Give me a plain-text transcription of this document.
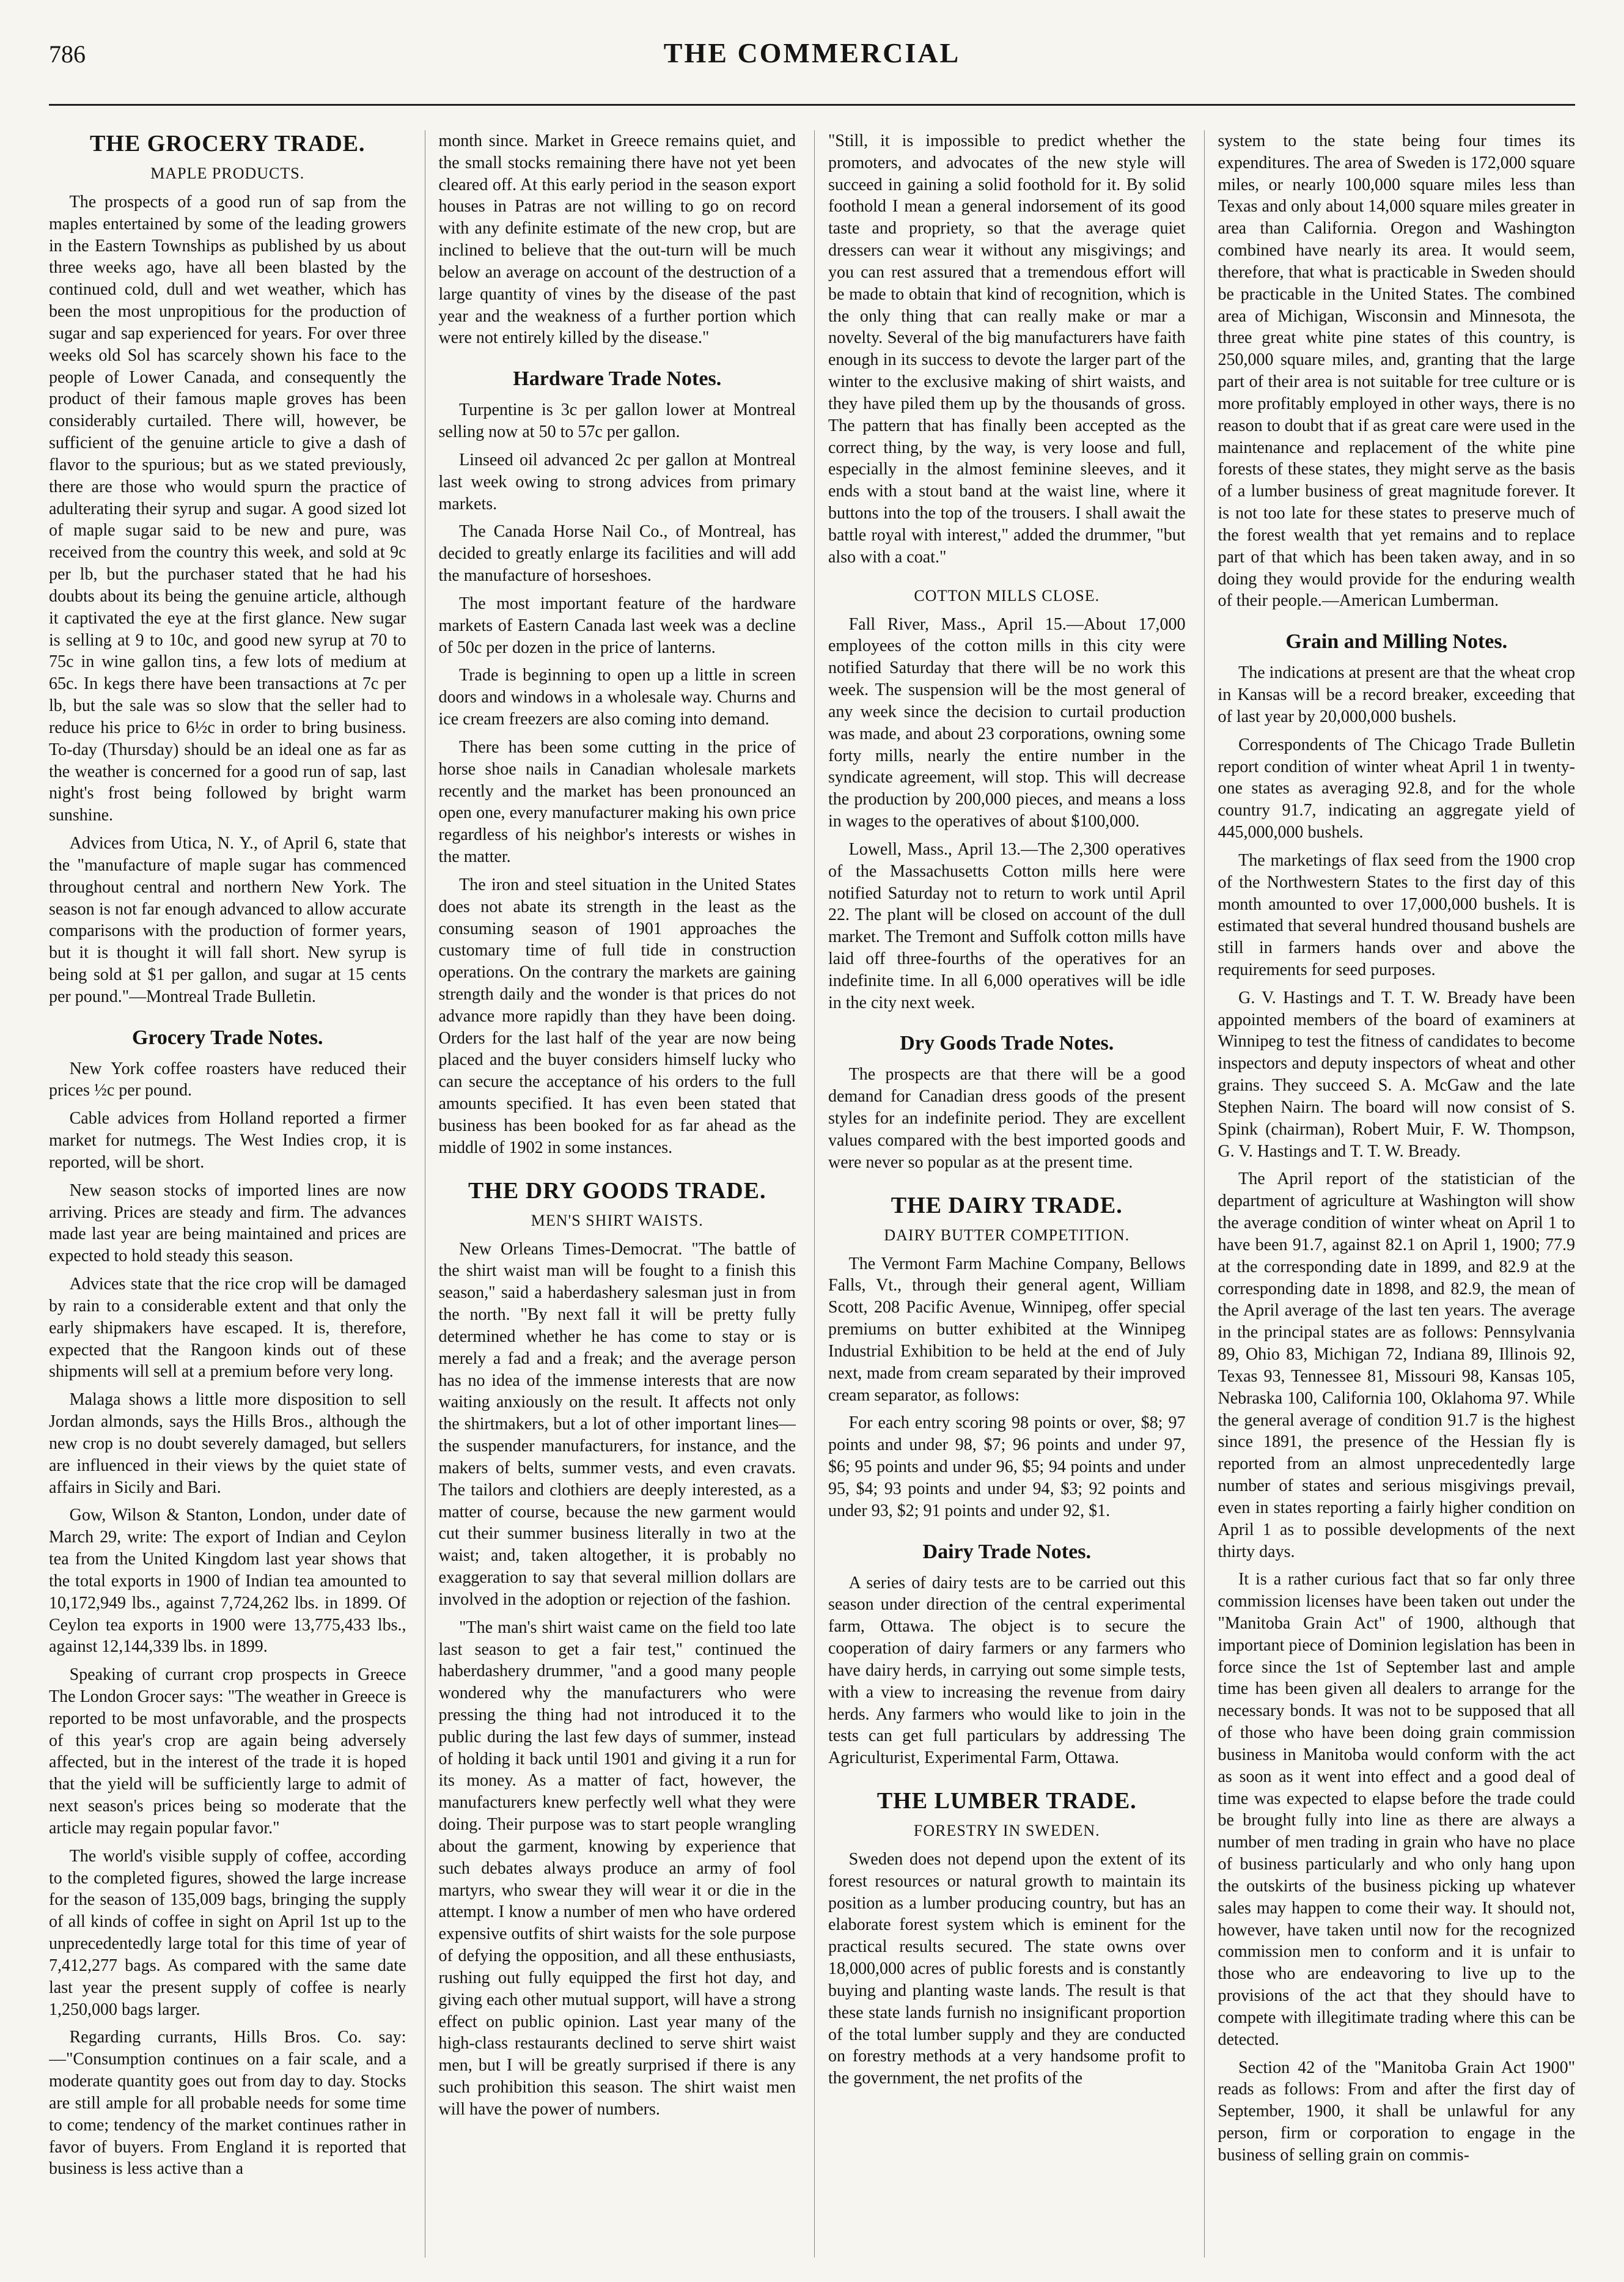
786	THE COMMERCIAL
THE GROCERY TRADE.
MAPLE PRODUCTS.

The prospects of a good run of sap from the maples entertained by some of the leading growers in the Eastern Townships as published by us about three weeks ago, have all been blasted by the continued cold, dull and wet weather, which has been the most unpropitious for the production of sugar and sap experienced for years. For over three weeks old Sol has scarcely shown his face to the people of Lower Canada, and consequently the product of their famous maple groves has been considerably curtailed. There will, however, be sufficient of the genuine article to give a dash of flavor to the spurious; but as we stated previously, there are those who would spurn the practice of adulterating their syrup and sugar. A good sized lot of maple sugar said to be new and pure, was received from the country this week, and sold at 9c per lb, but the purchaser stated that he had his doubts about its being the genuine article, although it captivated the eye at the first glance. New sugar is selling at 9 to 10c, and good new syrup at 70 to 75c in wine gallon tins, a few lots of medium at 65c. In kegs there have been transactions at 7c per lb, but the sale was so slow that the seller had to reduce his price to 6½c in order to bring business. To-day (Thursday) should be an ideal one as far as the weather is concerned for a good run of sap, last night's frost being followed by bright warm sunshine.

Advices from Utica, N. Y., of April 6, state that the "manufacture of maple sugar has commenced throughout central and northern New York. The season is not far enough advanced to allow accurate comparisons with the production of former years, but it is thought it will fall short. New syrup is being sold at $1 per gallon, and sugar at 15 cents per pound."—Montreal Trade Bulletin.

Grocery Trade Notes.

New York coffee roasters have reduced their prices ½c per pound.

Cable advices from Holland reported a firmer market for nutmegs. The West Indies crop, it is reported, will be short.

New season stocks of imported lines are now arriving. Prices are steady and firm. The advances made last year are being maintained and prices are expected to hold steady this season.

Advices state that the rice crop will be damaged by rain to a considerable extent and that only the early shipmakers have escaped. It is, therefore, expected that the Rangoon kinds out of these shipments will sell at a premium before very long.

Malaga shows a little more disposition to sell Jordan almonds, says the Hills Bros., although the new crop is no doubt severely damaged, but sellers are influenced in their views by the quiet state of affairs in Sicily and Bari.

Gow, Wilson & Stanton, London, under date of March 29, write: The export of Indian and Ceylon tea from the United Kingdom last year shows that the total exports in 1900 of Indian tea amounted to 10,172,949 lbs., against 7,724,262 lbs. in 1899. Of Ceylon tea exports in 1900 were 13,775,433 lbs., against 12,144,339 lbs. in 1899.

Speaking of currant crop prospects in Greece The London Grocer says: "The weather in Greece is reported to be most unfavorable, and the prospects of this year's crop are again being adversely affected, but in the interest of the trade it is hoped that the yield will be sufficiently large to admit of next season's prices being so moderate that the article may regain popular favor."

The world's visible supply of coffee, according to the completed figures, showed the large increase for the season of 135,009 bags, bringing the supply of all kinds of coffee in sight on April 1st up to the unprecedentedly large total for this time of year of 7,412,277 bags. As compared with the same date last year the present supply of coffee is nearly 1,250,000 bags larger.

Regarding currants, Hills Bros. Co. say:—"Consumption continues on a fair scale, and a moderate quantity goes out from day to day. Stocks are still ample for all probable needs for some time to come; tendency of the market continues rather in favor of buyers. From England it is reported that business is less active than a

month since. Market in Greece remains quiet, and the small stocks remaining there have not yet been cleared off. At this early period in the season export houses in Patras are not willing to go on record with any definite estimate of the new crop, but are inclined to believe that the out-turn will be much below an average on account of the destruction of a large quantity of vines by the disease of the past year and the weakness of a further portion which were not entirely killed by the disease."

Hardware Trade Notes.

Turpentine is 3c per gallon lower at Montreal selling now at 50 to 57c per gallon.

Linseed oil advanced 2c per gallon at Montreal last week owing to strong advices from primary markets.

The Canada Horse Nail Co., of Montreal, has decided to greatly enlarge its facilities and will add the manufacture of horseshoes.

The most important feature of the hardware markets of Eastern Canada last week was a decline of 50c per dozen in the price of lanterns.

Trade is beginning to open up a little in screen doors and windows in a wholesale way. Churns and ice cream freezers are also coming into demand.

There has been some cutting in the price of horse shoe nails in Canadian wholesale markets recently and the market has been pronounced an open one, every manufacturer making his own price regardless of his neighbor's interests or wishes in the matter.

The iron and steel situation in the United States does not abate its strength in the least as the consuming season of 1901 approaches the customary time of full tide in construction operations. On the contrary the markets are gaining strength daily and the wonder is that prices do not advance more rapidly than they have been doing. Orders for the last half of the year are now being placed and the buyer considers himself lucky who can secure the acceptance of his orders to the full amounts specified. It has even been stated that business has been booked for as far ahead as the middle of 1902 in some instances.

THE DRY GOODS TRADE.
MEN'S SHIRT WAISTS.

New Orleans Times-Democrat. "The battle of the shirt waist man will be fought to a finish this season," said a haberdashery salesman just in from the north. "By next fall it will be pretty fully determined whether he has come to stay or is merely a fad and a freak; and the average person has no idea of the immense interests that are now waiting anxiously on the result. It affects not only the shirtmakers, but a lot of other important lines—the suspender manufacturers, for instance, and the makers of belts, summer vests, and even cravats. The tailors and clothiers are deeply interested, as a matter of course, because the new garment would cut their summer business literally in two at the waist; and, taken altogether, it is probably no exaggeration to say that several million dollars are involved in the adoption or rejection of the fashion.

"The man's shirt waist came on the field too late last season to get a fair test," continued the haberdashery drummer, "and a good many people wondered why the manufacturers who were pressing the thing had not introduced it to the public during the last few days of summer, instead of holding it back until 1901 and giving it a run for its money. As a matter of fact, however, the manufacturers knew perfectly well what they were doing. Their purpose was to start people wrangling about the garment, knowing by experience that such debates always produce an army of fool martyrs, who swear they will wear it or die in the attempt. I know a number of men who have ordered expensive outfits of shirt waists for the sole purpose of defying the opposition, and all these enthusiasts, rushing out fully equipped the first hot day, and giving each other mutual support, will have a strong effect on public opinion. Last year many of the high-class restaurants declined to serve shirt waist men, but I will be greatly surprised if there is any such prohibition this season. The shirt waist men will have the power of numbers.

"Still, it is impossible to predict whether the promoters, and advocates of the new style will succeed in gaining a solid foothold for it. By solid foothold I mean a general indorsement of its good taste and propriety, so that the average quiet dressers can wear it without any misgivings; and you can rest assured that a tremendous effort will be made to obtain that kind of recognition, which is the only thing that can really make or mar a novelty. Several of the big manufacturers have faith enough in its success to devote the larger part of the winter to the exclusive making of shirt waists, and they have piled them up by the thousands of gross. The pattern that has finally been accepted as the correct thing, by the way, is very loose and full, especially in the almost feminine sleeves, and it ends with a stout band at the waist line, where it buttons into the top of the trousers. I shall await the battle royal with interest," added the drummer, "but also with a coat."

COTTON MILLS CLOSE.

Fall River, Mass., April 15.—About 17,000 employees of the cotton mills in this city were notified Saturday that there will be no work this week. The suspension will be the most general of any week since the decision to curtail production was made, and about 23 corporations, owning some forty mills, nearly the entire number in the syndicate agreement, will stop. This will decrease the production by 200,000 pieces, and means a loss in wages to the operatives of about $100,000.

Lowell, Mass., April 13.—The 2,300 operatives of the Massachusetts Cotton mills here were notified Saturday not to return to work until April 22. The plant will be closed on account of the dull market. The Tremont and Suffolk cotton mills have laid off three-fourths of the operatives for an indefinite time. In all 6,000 operatives will be idle in the city next week.

Dry Goods Trade Notes.

The prospects are that there will be a good demand for Canadian dress goods of the present styles for an indefinite period. They are excellent values compared with the best imported goods and were never so popular as at the present time.

THE DAIRY TRADE.
DAIRY BUTTER COMPETITION.

The Vermont Farm Machine Company, Bellows Falls, Vt., through their general agent, William Scott, 208 Pacific Avenue, Winnipeg, offer special premiums on butter exhibited at the Winnipeg Industrial Exhibition to be held at the end of July next, made from cream separated by their improved cream separator, as follows:

For each entry scoring 98 points or over, $8; 97 points and under 98, $7; 96 points and under 97, $6; 95 points and under 96, $5; 94 points and under 95, $4; 93 points and under 94, $3; 92 points and under 93, $2; 91 points and under 92, $1.

Dairy Trade Notes.

A series of dairy tests are to be carried out this season under direction of the central experimental farm, Ottawa. The object is to secure the cooperation of dairy farmers or any farmers who have dairy herds, in carrying out some simple tests, with a view to increasing the revenue from dairy herds. Any farmers who would like to join in the tests can get full particulars by addressing The Agriculturist, Experimental Farm, Ottawa.

THE LUMBER TRADE.
FORESTRY IN SWEDEN.

Sweden does not depend upon the extent of its forest resources or natural growth to maintain its position as a lumber producing country, but has an elaborate forest system which is eminent for the practical results secured. The state owns over 18,000,000 acres of public forests and is constantly buying and planting waste lands. The result is that these state lands furnish no insignificant proportion of the total lumber supply and they are conducted on forestry methods at a very handsome profit to the government, the net profits of the

system to the state being four times its expenditures. The area of Sweden is 172,000 square miles, or nearly 100,000 square miles less than Texas and only about 14,000 square miles greater in area than California. Oregon and Washington combined have nearly its area. It would seem, therefore, that what is practicable in Sweden should be practicable in the United States. The combined area of Michigan, Wisconsin and Minnesota, the three great white pine states of this country, is 250,000 square miles, and, granting that the large part of their area is not suitable for tree culture or is more profitably employed in other ways, there is no reason to doubt that if as great care were used in the maintenance and replacement of the white pine forests of these states, they might serve as the basis of a lumber business of great magnitude forever. It is not too late for these states to preserve much of the forest wealth that yet remains and to replace part of that which has been taken away, and in so doing they would provide for the enduring wealth of their people.—American Lumberman.

Grain and Milling Notes.

The indications at present are that the wheat crop in Kansas will be a record breaker, exceeding that of last year by 20,000,000 bushels.

Correspondents of The Chicago Trade Bulletin report condition of winter wheat April 1 in twenty-one states as averaging 92.8, and for the whole country 91.7, indicating an aggregate yield of 445,000,000 bushels.

The marketings of flax seed from the 1900 crop of the Northwestern States to the first day of this month amounted to over 17,000,000 bushels. It is estimated that several hundred thousand bushels are still in farmers hands over and above the requirements for seed purposes.

G. V. Hastings and T. T. W. Bready have been appointed members of the board of examiners at Winnipeg to test the fitness of candidates to become inspectors and deputy inspectors of wheat and other grains. They succeed S. A. McGaw and the late Stephen Nairn. The board will now consist of S. Spink (chairman), Robert Muir, F. W. Thompson, G. V. Hastings and T. T. W. Bready.

The April report of the statistician of the department of agriculture at Washington will show the average condition of winter wheat on April 1 to have been 91.7, against 82.1 on April 1, 1900; 77.9 at the corresponding date in 1899, and 82.9 at the corresponding date in 1898, and 82.9, the mean of the April average of the last ten years. The average in the principal states are as follows: Pennsylvania 89, Ohio 83, Michigan 72, Indiana 89, Illinois 92, Texas 93, Tennessee 81, Missouri 98, Kansas 105, Nebraska 100, California 100, Oklahoma 97. While the general average of condition 91.7 is the highest since 1891, the presence of the Hessian fly is reported from an almost unprecedentedly large number of states and serious misgivings prevail, even in states reporting a fairly higher condition on April 1 as to possible developments of the next thirty days.

It is a rather curious fact that so far only three commission licenses have been taken out under the "Manitoba Grain Act" of 1900, although that important piece of Dominion legislation has been in force since the 1st of September last and ample time has been given all dealers to arrange for the necessary bonds. It was not to be supposed that all of those who have been doing grain commission business in Manitoba would conform with the act as soon as it went into effect and a good deal of time was expected to elapse before the trade could be brought fully into line as there are always a number of men trading in grain who have no place of business particularly and who only hang upon the outskirts of the business picking up whatever sales may happen to come their way. It should not, however, have taken until now for the recognized commission men to conform and it is unfair to those who are endeavoring to live up to the provisions of the act that they should have to compete with illegitimate trading where this can be detected.

Section 42 of the "Manitoba Grain Act 1900" reads as follows: From and after the first day of September, 1900, it shall be unlawful for any person, firm or corporation to engage in the business of selling grain on commis-
